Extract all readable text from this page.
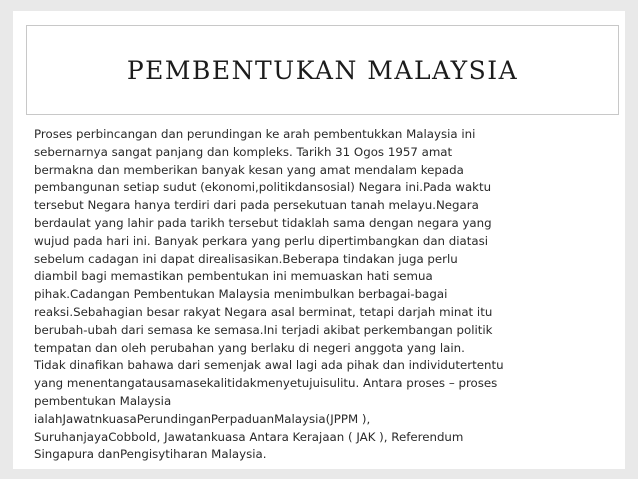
PEMBENTUKAN MALAYSIA

Proses perbincangan dan perundingan ke arah pembentukkan Malaysia ini
sebernarnya sangat panjang dan kompleks. Tarikh 31 Ogos 1957 amat
bermakna dan memberikan banyak kesan yang amat mendalam kepada
pembangunan setiap sudut (ekonomi,politikdansosial) Negara ini.Pada waktu
tersebut Negara hanya terdiri dari pada persekutuan tanah melayu.Negara
berdaulat yang lahir pada tarikh tersebut tidaklah sama dengan negara yang
wujud pada hari ini. Banyak perkara yang perlu dipertimbangkan dan diatasi
sebelum cadagan ini dapat direalisasikan.Beberapa tindakan juga perlu
diambil bagi memastikan pembentukan ini memuaskan hati semua
pihak.Cadangan Pembentukan Malaysia menimbulkan berbagai-bagai
reaksi.Sebahagian besar rakyat Negara asal berminat, tetapi darjah minat itu
berubah-ubah dari semasa ke semasa.Ini terjadi akibat perkembangan politik
tempatan dan oleh perubahan yang berlaku di negeri anggota yang lain.
Tidak dinafikan bahawa dari semenjak awal lagi ada pihak dan individutertentu
yang menentangatausamasekalitidakmenyetujuisulitu. Antara proses – proses
pembentukan Malaysia
ialahJawatnkuasaPerundinganPerpaduanMalaysia(JPPM ),
SuruhanjayaCobbold, Jawatankuasa Antara Kerajaan ( JAK ), Referendum
Singapura danPengisytiharan Malaysia.
